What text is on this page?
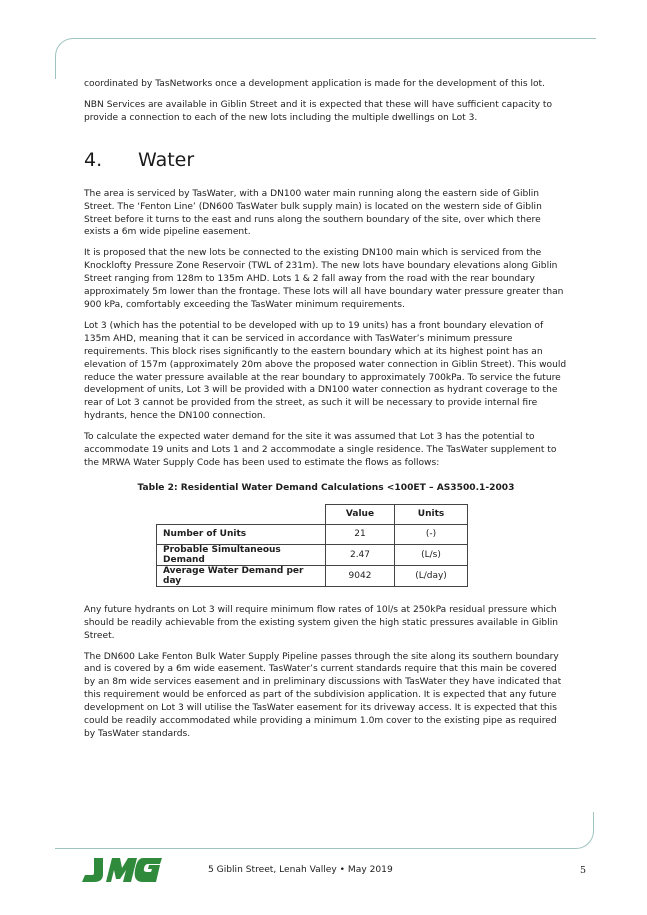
coordinated by TasNetworks once a development application is made for the development of this lot.

NBN Services are available in Giblin Street and it is expected that these will have sufficient capacity to provide a connection to each of the new lots including the multiple dwellings on Lot 3.

4. Water

The area is serviced by TasWater, with a DN100 water main running along the eastern side of Giblin Street. The ‘Fenton Line’ (DN600 TasWater bulk supply main) is located on the western side of Giblin Street before it turns to the east and runs along the southern boundary of the site, over which there exists a 6m wide pipeline easement.

It is proposed that the new lots be connected to the existing DN100 main which is serviced from the Knocklofty Pressure Zone Reservoir (TWL of 231m). The new lots have boundary elevations along Giblin Street ranging from 128m to 135m AHD. Lots 1 & 2 fall away from the road with the rear boundary approximately 5m lower than the frontage. These lots will all have boundary water pressure greater than 900 kPa, comfortably exceeding the TasWater minimum requirements.

Lot 3 (which has the potential to be developed with up to 19 units) has a front boundary elevation of 135m AHD, meaning that it can be serviced in accordance with TasWater’s minimum pressure requirements. This block rises significantly to the eastern boundary which at its highest point has an elevation of 157m (approximately 20m above the proposed water connection in Giblin Street). This would reduce the water pressure available at the rear boundary to approximately 700kPa. To service the future development of units, Lot 3 will be provided with a DN100 water connection as hydrant coverage to the rear of Lot 3 cannot be provided from the street, as such it will be necessary to provide internal fire hydrants, hence the DN100 connection.

To calculate the expected water demand for the site it was assumed that Lot 3 has the potential to accommodate 19 units and Lots 1 and 2 accommodate a single residence. The TasWater supplement to the MRWA Water Supply Code has been used to estimate the flows as follows:

Table 2: Residential Water Demand Calculations <100ET – AS3500.1-2003
	Value	Units
Number of Units	21	(-)
Probable Simultaneous Demand	2.47	(L/s)
Average Water Demand per day	9042	(L/day)

Any future hydrants on Lot 3 will require minimum flow rates of 10l/s at 250kPa residual pressure which should be readily achievable from the existing system given the high static pressures available in Giblin Street.

The DN600 Lake Fenton Bulk Water Supply Pipeline passes through the site along its southern boundary and is covered by a 6m wide easement. TasWater’s current standards require that this main be covered by an 8m wide services easement and in preliminary discussions with TasWater they have indicated that this requirement would be enforced as part of the subdivision application. It is expected that any future development on Lot 3 will utilise the TasWater easement for its driveway access. It is expected that this could be readily accommodated while providing a minimum 1.0m cover to the existing pipe as required by TasWater standards.

5 Giblin Street, Lenah Valley • May 2019	5
